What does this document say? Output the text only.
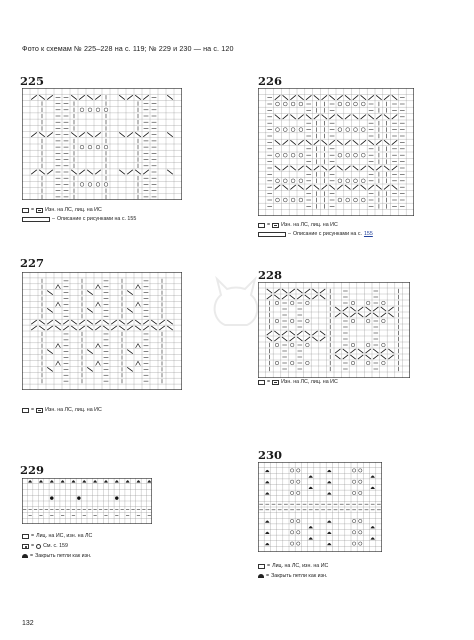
Фото к схемам № 225–228 на с. 119; № 229 и 230 — на с. 120
225
= Изн. на ЛС, лиц. на ИС
– Описание с рисунками на с. 155
226
= Изн. на ЛС, лиц. на ИС
– Описание с рисунками на с. 155
227
= Изн. на ЛС, лиц. на ИС
228
= Изн. на ЛС, лиц. на ИС
229
= Лиц. на ИС, изн. на ЛС
= См. с. 159
= Закрыть петли как изн.
230
= Лиц. на ЛС, изн. на ИС
= Закрыть петли как изн.
132
